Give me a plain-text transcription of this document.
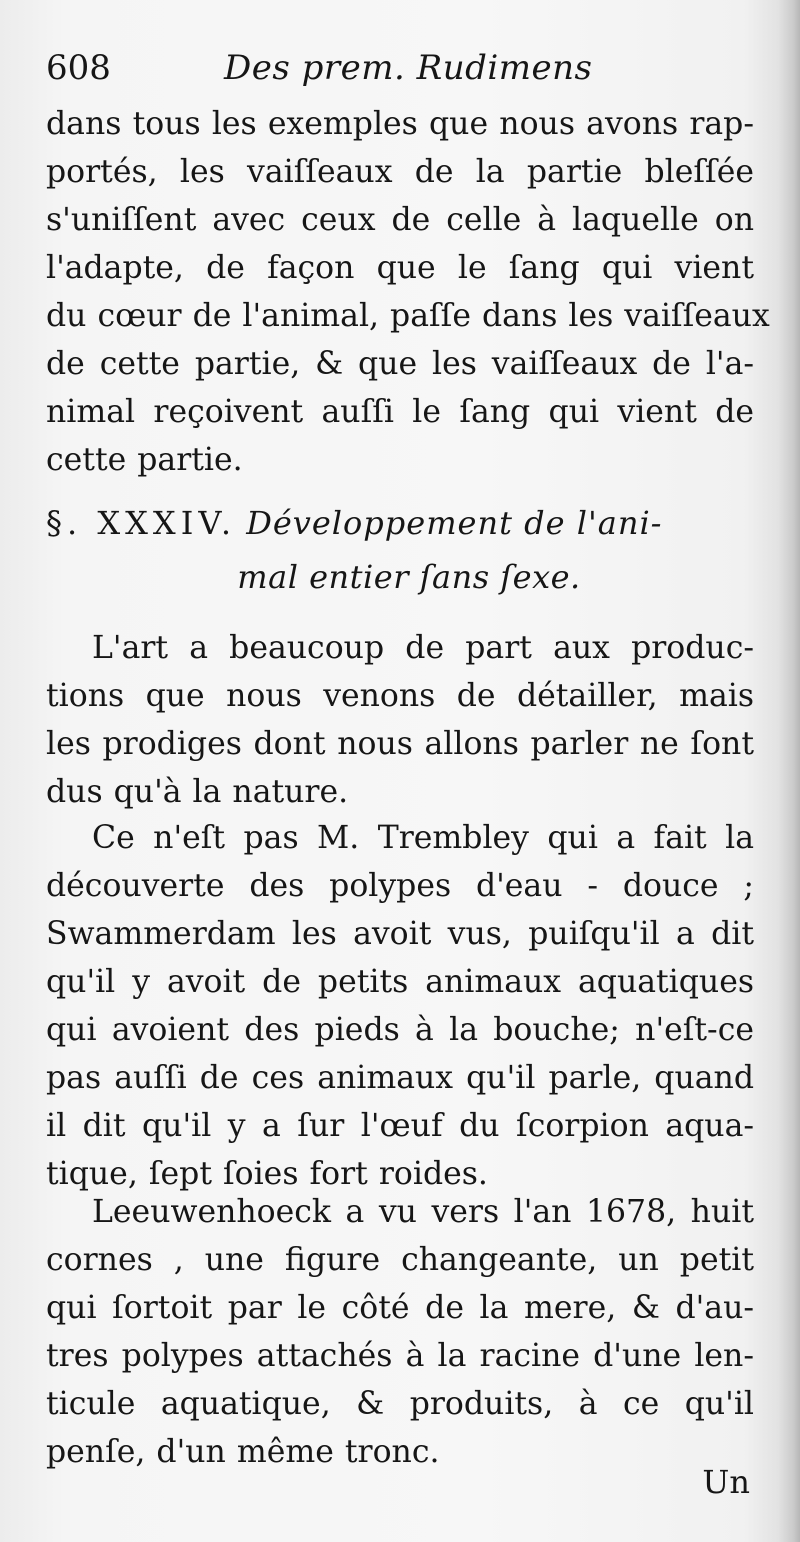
608	Des prem. Rudimens
dans tous les exemples que nous avons rap-
portés, les vaiſſeaux de la partie bleſſée
s'uniſſent avec ceux de celle à laquelle on
l'adapte, de façon que le ſang qui vient
du cœur de l'animal, paſſe dans les vaiſſeaux
de cette partie, & que les vaiſſeaux de l'a-
nimal reçoivent auſſi le ſang qui vient de
cette partie.
§. XXXIV. Développement de l'ani-
mal entier ſans ſexe.
L'art a beaucoup de part aux produc-
tions que nous venons de détailler, mais
les prodiges dont nous allons parler ne ſont
dus qu'à la nature.
Ce n'eſt pas M. Trembley qui a fait la
découverte des polypes d'eau - douce ;
Swammerdam les avoit vus, puiſqu'il a dit
qu'il y avoit de petits animaux aquatiques
qui avoient des pieds à la bouche; n'eſt-ce
pas auſſi de ces animaux qu'il parle, quand
il dit qu'il y a ſur l'œuf du ſcorpion aqua-
tique, ſept ſoies fort roides.
Leeuwenhoeck a vu vers l'an 1678, huit
cornes , une figure changeante, un petit
qui ſortoit par le côté de la mere, & d'au-
tres polypes attachés à la racine d'une len-
ticule aquatique, & produits, à ce qu'il
penſe, d'un même tronc.
Un
